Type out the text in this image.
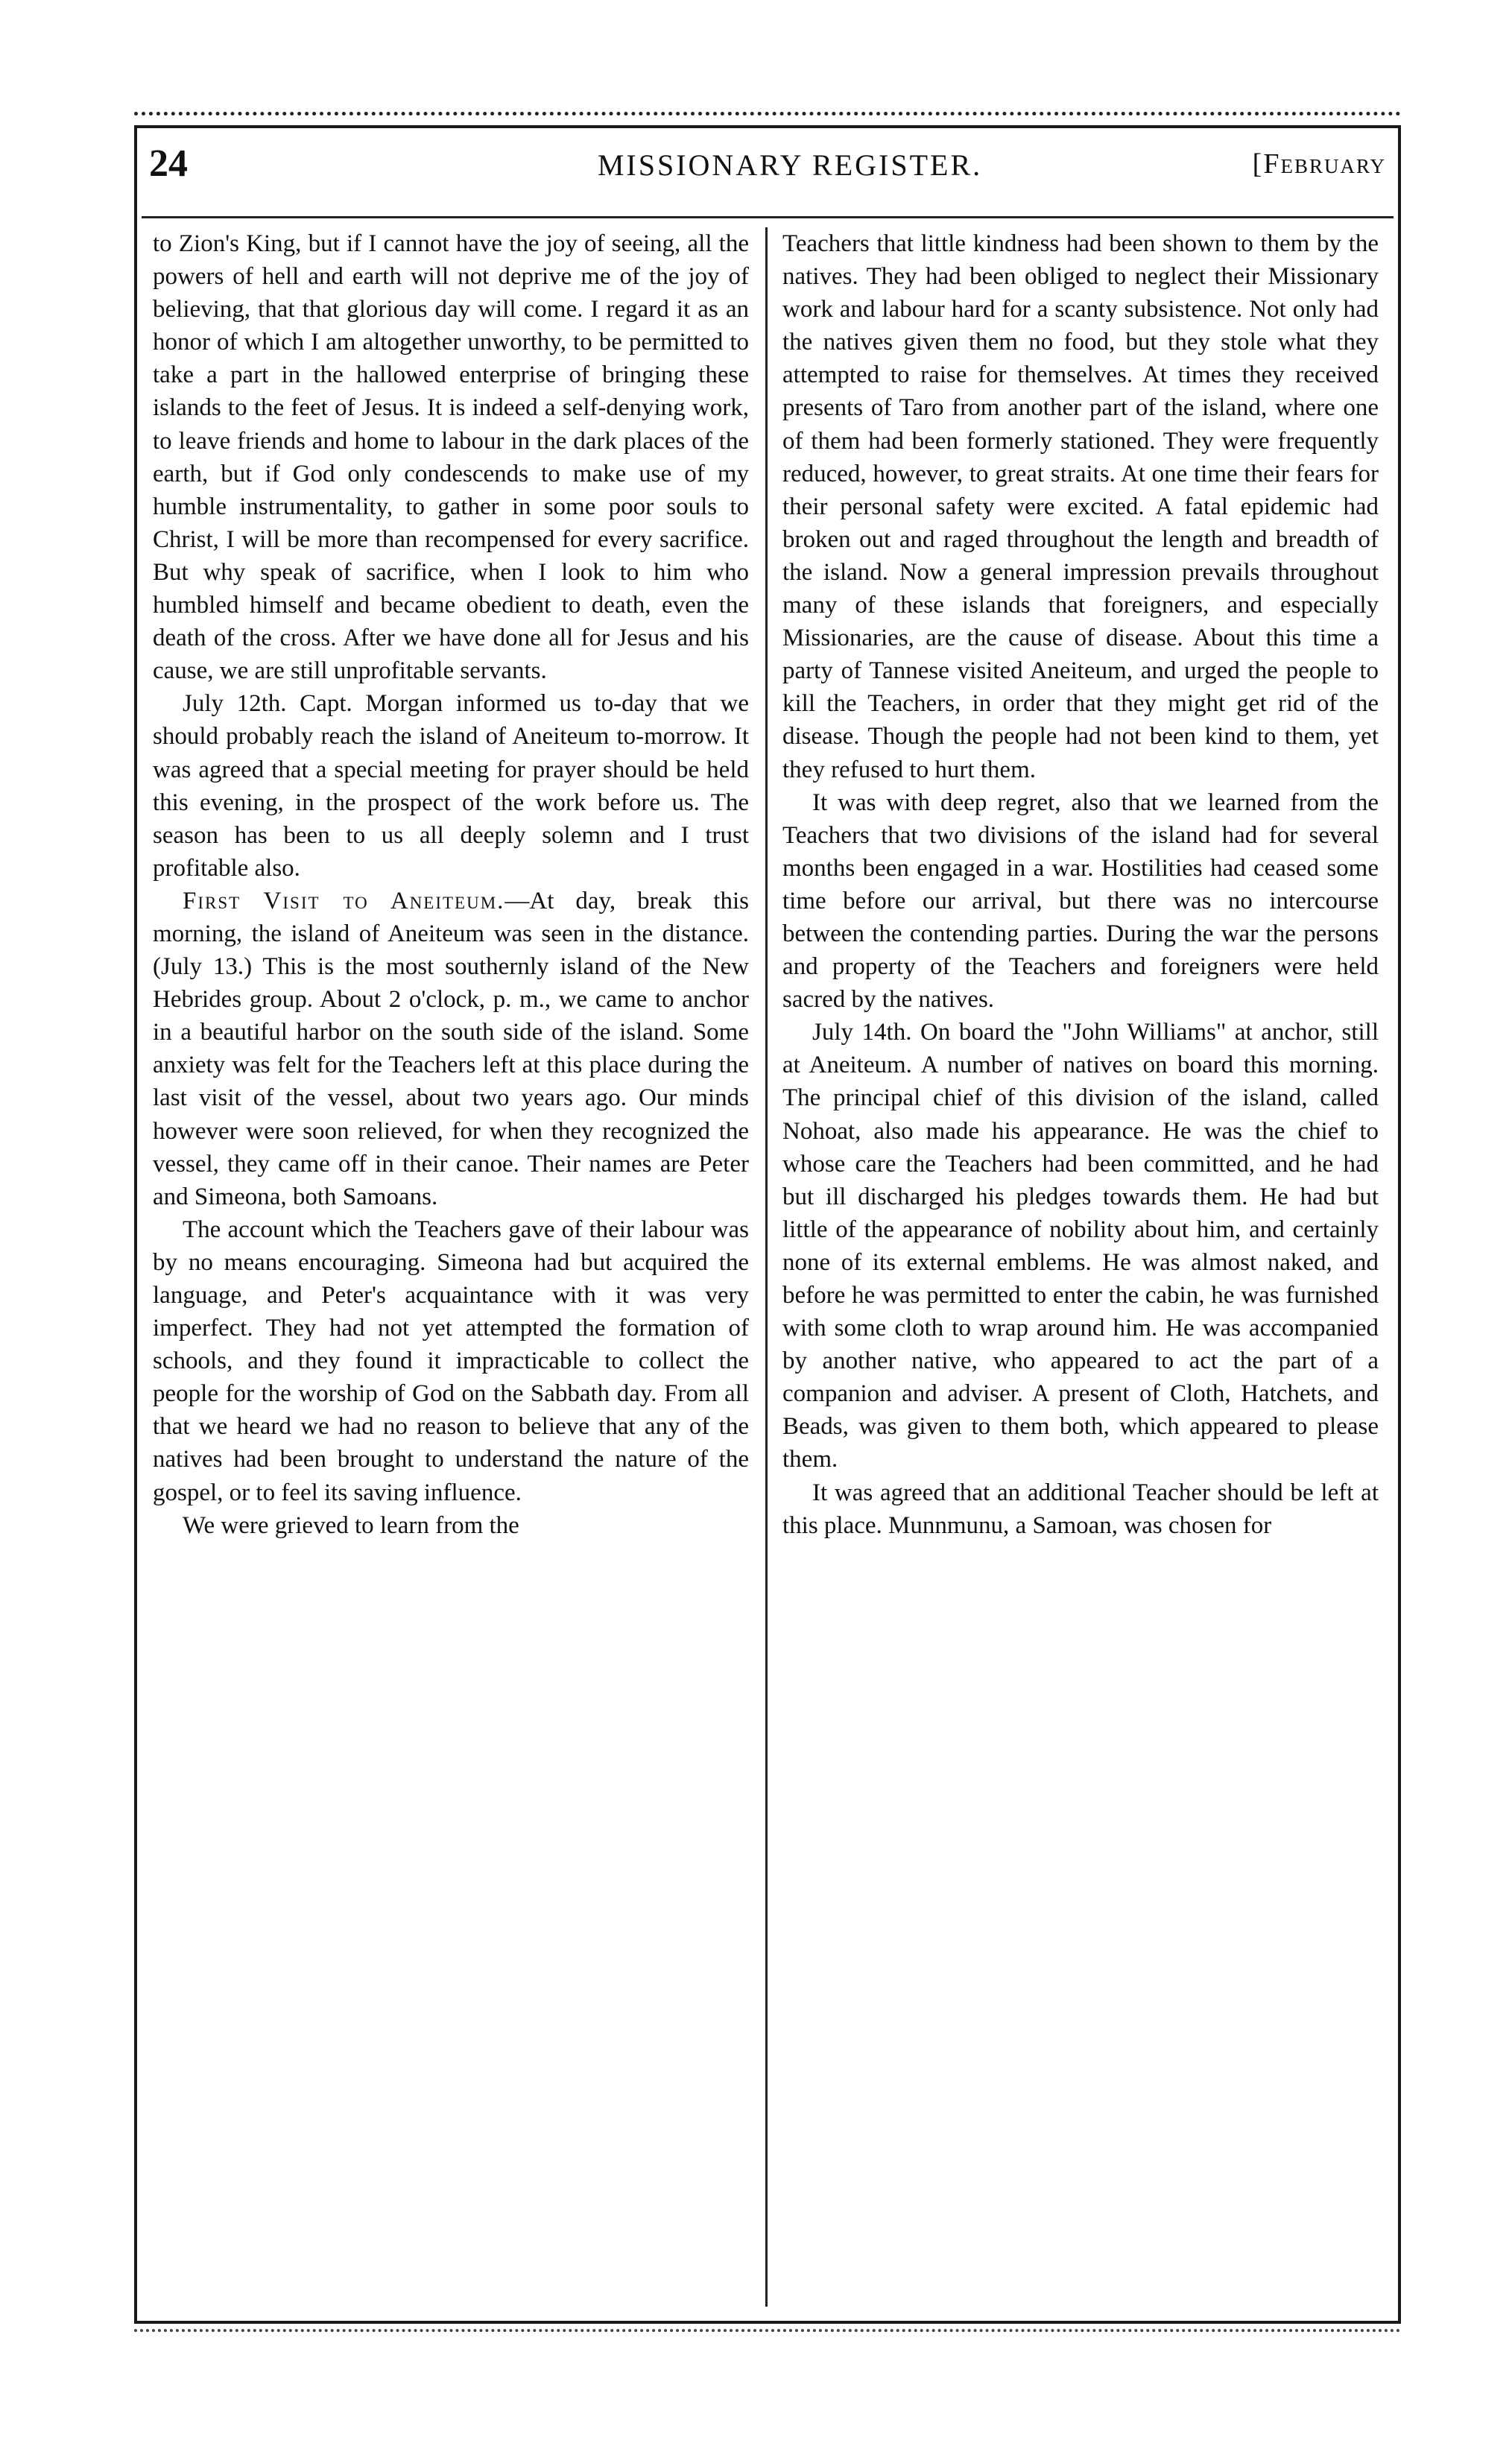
24	MISSIONARY REGISTER.	[February

to Zion's King, but if I cannot have the joy of seeing, all the powers of hell and earth will not deprive me of the joy of believing, that that glorious day will come. I regard it as an honor of which I am altogether unworthy, to be permitted to take a part in the hallowed enterprise of bringing these islands to the feet of Jesus. It is indeed a self-denying work, to leave friends and home to labour in the dark places of the earth, but if God only condescends to make use of my humble instrumentality, to gather in some poor souls to Christ, I will be more than recompensed for every sacrifice. But why speak of sacrifice, when I look to him who humbled himself and became obedient to death, even the death of the cross. After we have done all for Jesus and his cause, we are still unprofitable servants.

July 12th. Capt. Morgan informed us to-day that we should probably reach the island of Aneiteum to-morrow. It was agreed that a special meeting for prayer should be held this evening, in the prospect of the work before us. The season has been to us all deeply solemn and I trust profitable also.

First Visit to Aneiteum.—At day, break this morning, the island of Aneiteum was seen in the distance. (July 13.) This is the most southernly island of the New Hebrides group. About 2 o'clock, p. m., we came to anchor in a beautiful harbor on the south side of the island. Some anxiety was felt for the Teachers left at this place during the last visit of the vessel, about two years ago. Our minds however were soon relieved, for when they recognized the vessel, they came off in their canoe. Their names are Peter and Simeona, both Samoans.

The account which the Teachers gave of their labour was by no means encouraging. Simeona had but acquired the language, and Peter's acquaintance with it was very imperfect. They had not yet attempted the formation of schools, and they found it impracticable to collect the people for the worship of God on the Sabbath day. From all that we heard we had no reason to believe that any of the natives had been brought to understand the nature of the gospel, or to feel its saving influence.

We were grieved to learn from the

Teachers that little kindness had been shown to them by the natives. They had been obliged to neglect their Missionary work and labour hard for a scanty subsistence. Not only had the natives given them no food, but they stole what they attempted to raise for themselves. At times they received presents of Taro from another part of the island, where one of them had been formerly stationed. They were frequently reduced, however, to great straits. At one time their fears for their personal safety were excited. A fatal epidemic had broken out and raged throughout the length and breadth of the island. Now a general impression prevails throughout many of these islands that foreigners, and especially Missionaries, are the cause of disease. About this time a party of Tannese visited Aneiteum, and urged the people to kill the Teachers, in order that they might get rid of the disease. Though the people had not been kind to them, yet they refused to hurt them.

It was with deep regret, also that we learned from the Teachers that two divisions of the island had for several months been engaged in a war. Hostilities had ceased some time before our arrival, but there was no intercourse between the contending parties. During the war the persons and property of the Teachers and foreigners were held sacred by the natives.

July 14th. On board the "John Williams" at anchor, still at Aneiteum. A number of natives on board this morning. The principal chief of this division of the island, called Nohoat, also made his appearance. He was the chief to whose care the Teachers had been committed, and he had but ill discharged his pledges towards them. He had but little of the appearance of nobility about him, and certainly none of its external emblems. He was almost naked, and before he was permitted to enter the cabin, he was furnished with some cloth to wrap around him. He was accompanied by another native, who appeared to act the part of a companion and adviser. A present of Cloth, Hatchets, and Beads, was given to them both, which appeared to please them.

It was agreed that an additional Teacher should be left at this place. Munnmunu, a Samoan, was chosen for
